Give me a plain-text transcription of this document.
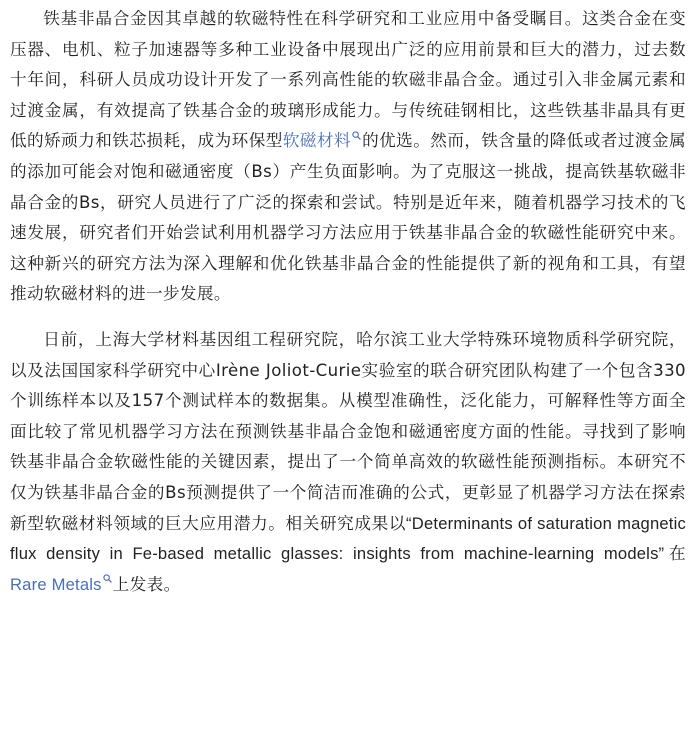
铁基非晶合金因其卓越的软磁特性在科学研究和工业应用中备受瞩目。这类合金在变压器、电机、粒子加速器等多种工业设备中展现出广泛的应用前景和巨大的潜力，过去数十年间，科研人员成功设计开发了一系列高性能的软磁非晶合金。通过引入非金属元素和过渡金属，有效提高了铁基合金的玻璃形成能力。与传统硅钢相比，这些铁基非晶具有更低的矫顽力和铁芯损耗，成为环保型软磁材料 的优选。然而，铁含量的降低或者过渡金属的添加可能会对饱和磁通密度（Bs）产生负面影响。为了克服这一挑战，提高铁基软磁非晶合金的Bs，研究人员进行了广泛的探索和尝试。特别是近年来，随着机器学习技术的飞速发展，研究者们开始尝试利用机器学习方法应用于铁基非晶合金的软磁性能研究中来。这种新兴的研究方法为深入理解和优化铁基非晶合金的性能提供了新的视角和工具，有望推动软磁材料的进一步发展。

日前，上海大学材料基因组工程研究院，哈尔滨工业大学特殊环境物质科学研究院，以及法国国家科学研究中心Irène Joliot-Curie实验室的联合研究团队构建了一个包含330个训练样本以及157个测试样本的数据集。从模型准确性，泛化能力，可解释性等方面全面比较了常见机器学习方法在预测铁基非晶合金饱和磁通密度方面的性能。寻找到了影响铁基非晶合金软磁性能的关键因素，提出了一个简单高效的软磁性能预测指标。本研究不仅为铁基非晶合金的Bs预测提供了一个简洁而准确的公式，更彰显了机器学习方法在探索新型软磁材料领域的巨大应用潜力。相关研究成果以“Determinants of saturation magnetic flux density in Fe-based metallic glasses: insights from machine-learning models”在Rare Metals 上发表。
